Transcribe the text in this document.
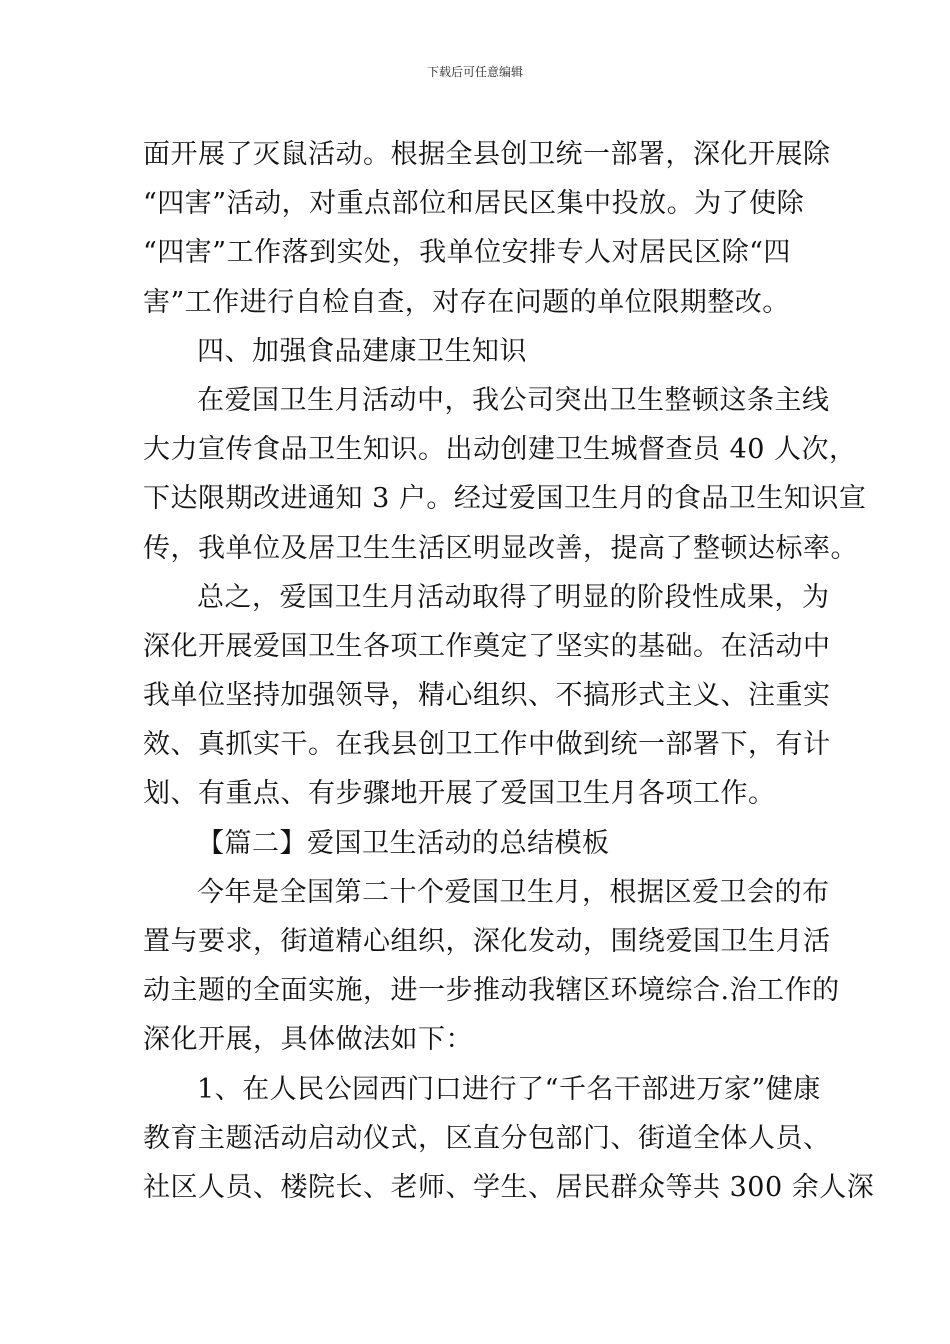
下载后可任意编辑
面开展了灭鼠活动。根据全县创卫统一部署，深化开展除
“四害”活动，对重点部位和居民区集中投放。为了使除
“四害”工作落到实处，我单位安排专人对居民区除“四
害”工作进行自检自查，对存在问题的单位限期整改。
四、加强食品建康卫生知识
在爱国卫生月活动中，我公司突出卫生整顿这条主线
大力宣传食品卫生知识。出动创建卫生城督查员 40 人次，
下达限期改进通知 3 户。经过爱国卫生月的食品卫生知识宣
传，我单位及居卫生生活区明显改善，提高了整顿达标率。
总之，爱国卫生月活动取得了明显的阶段性成果，为
深化开展爱国卫生各项工作奠定了坚实的基础。在活动中
我单位坚持加强领导，精心组织、不搞形式主义、注重实
效、真抓实干。在我县创卫工作中做到统一部署下，有计
划、有重点、有步骤地开展了爱国卫生月各项工作。
【篇二】爱国卫生活动的总结模板
今年是全国第二十个爱国卫生月，根据区爱卫会的布
置与要求，街道精心组织，深化发动，围绕爱国卫生月活
动主题的全面实施，进一步推动我辖区环境综合.治工作的
深化开展，具体做法如下：
1、在人民公园西门口进行了“千名干部进万家”健康
教育主题活动启动仪式，区直分包部门、街道全体人员、
社区人员、楼院长、老师、学生、居民群众等共 300 余人深
